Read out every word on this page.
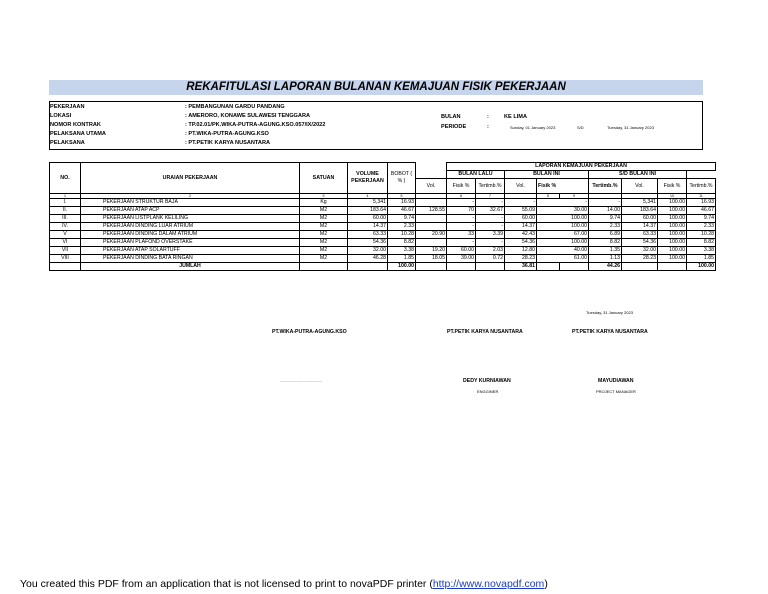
REKAFITULASI LAPORAN BULANAN KEMAJUAN FISIK PEKERJAAN
PEKERJAAN	: PEMBANGUNAN GARDU PANDANG
LOKASI	: AMERORO, KONAWE SULAWESI TENGGARA
NOMOR KONTRAK	: TP.02.01/PK.WIKA-PUTRA-AGUNG.KSO.057/IX/2022
PELAKSANA UTAMA	: PT.WIKA-PUTRA-AGUNG.KSO
PELAKSANA	: PT.PETIK KARYA NUSANTARA
BULAN	:	KE LIMA
PERIODE	:	Sunday, 01 January 2023	S/D	Tuesday, 31 January 2023
NO.	URAIAN PEKERJAAN	SATUAN	VOLUME PEKERJAAN	BOBOT ( % )		LAPORAN KEMAJUAN PEKERJAAN								
						BULAN LALU		BULAN INI			S/D BULAN INI			
					Vol.	Fisik %	Tertimb.%	Vol.	Fisik %		Tertimb.%	Vol.	Fisik %	Tertimb.%
1	2	3	4	5		6	7		8	9			10	11
I.	PEKERJAAN STRUKTUR BAJA	Kg	5,341	16.93		-	-	-	-		-	5,341	100.00	16.93
II.	PEKERJAAN ATAP ACP	M2	183.64	46.67	128.55	70	32.67	55.09	30.00		14.00	183.64	100.00	46.67
III.	PEKERJAAN LISTPLANK KELILING	M2	60.00	9.74		-	-	60.00	100.00		9.74	60.00	100.00	9.74
IV.	PEKERJAAN DINDING LUAR ATRIUM	M2	14.37	2.33		-	-	14.37	100.00		2.33	14.37	100.00	2.33
V	PEKERJAAN DINDING DALAM ATRIUM	M2	63.33	10.28	20.90	33	3.39	42.43	67.00		6.89	63.33	100.00	10.28
VI	PEKERJAAN PLAFOND OVERSTAKE	M2	54.36	8.82		-	-	54.36	100.00		8.82	54.36	100.00	8.82
VII	PEKERJAAN ATAP SOLARTUFF	M2	32.00	3.38	19.20	60.00	2.03	12.80	40.00		1.35	32.00	100.00	3.38
VIII	PEKERJAAN DINDING BATA RINGAN	M2	46.28	1.85	18.05	39.00	0.72	28.23	61.00		1.13	28.23	100.00	1.85
	JUMLAH			100.00				36.81			44.26			100.00
Tuesday, 31 January 2023
PT.WIKA-PUTRA-AGUNG.KSO	PT.PETIK KARYA NUSANTARA	PT.PETIK KARYA NUSANTARA
......................................	DEDY KURNIAWAN
ENGGINER
MAYUDIAWAN
PROJECT MANAGER
You created this PDF from an application that is not licensed to print to novaPDF printer (http://www.novapdf.com)
